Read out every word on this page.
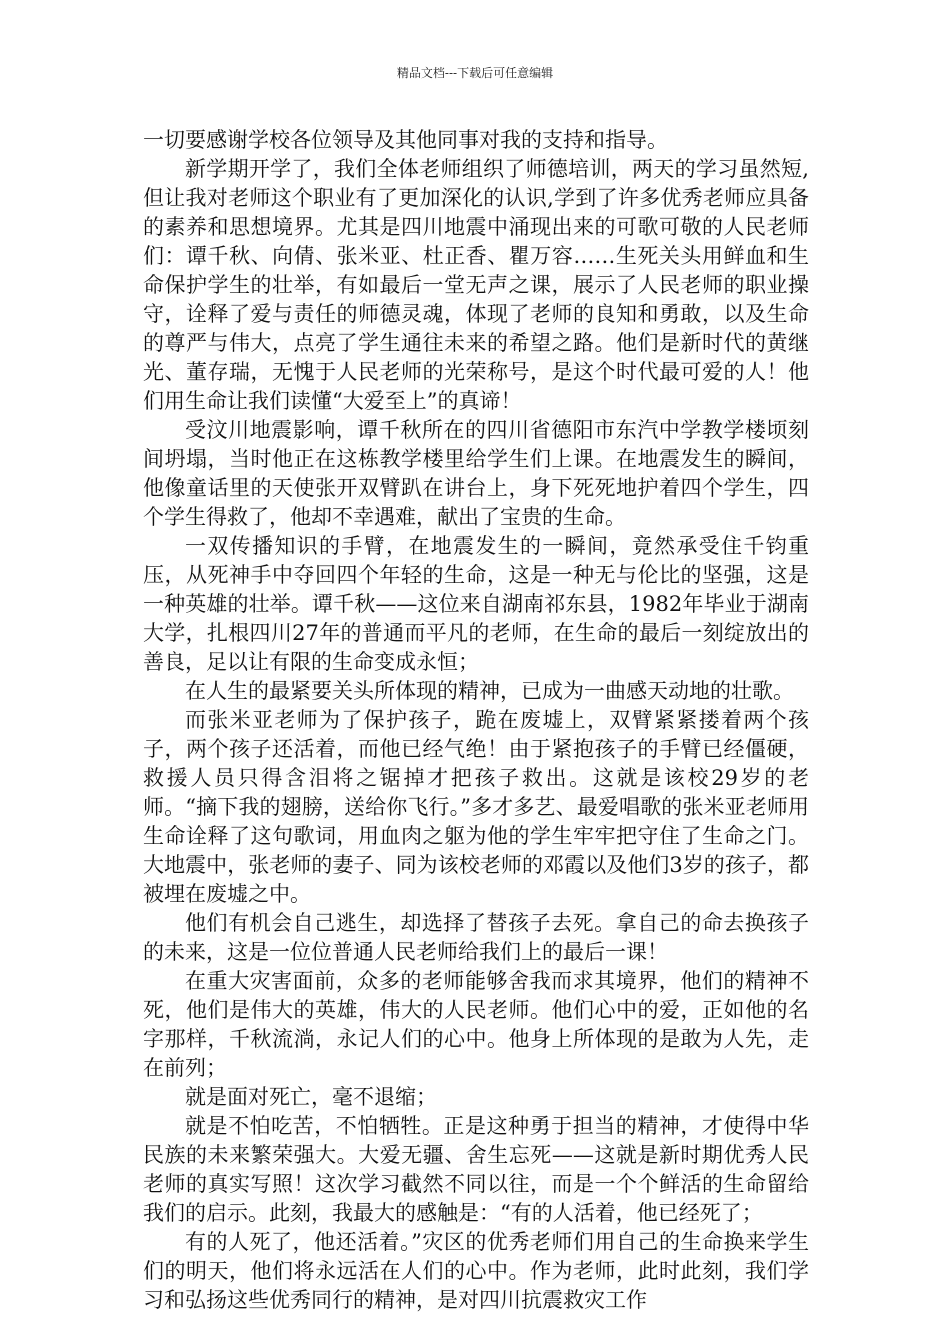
精品文档---下载后可任意编辑

一切要感谢学校各位领导及其他同事对我的支持和指导。

新学期开学了，我们全体老师组织了师德培训，两天的学习虽然短,但让我对老师这个职业有了更加深化的认识,学到了许多优秀老师应具备的素养和思想境界。尤其是四川地震中涌现出来的可歌可敬的人民老师们：谭千秋、向倩、张米亚、杜正香、瞿万容……生死关头用鲜血和生命保护学生的壮举，有如最后一堂无声之课，展示了人民老师的职业操守，诠释了爱与责任的师德灵魂，体现了老师的良知和勇敢，以及生命的尊严与伟大，点亮了学生通往未来的希望之路。他们是新时代的黄继光、董存瑞，无愧于人民老师的光荣称号，是这个时代最可爱的人！他们用生命让我们读懂“大爱至上”的真谛！

受汶川地震影响，谭千秋所在的四川省德阳市东汽中学教学楼顷刻间坍塌，当时他正在这栋教学楼里给学生们上课。在地震发生的瞬间，他像童话里的天使张开双臂趴在讲台上，身下死死地护着四个学生，四个学生得救了，他却不幸遇难，献出了宝贵的生命。

一双传播知识的手臂，在地震发生的一瞬间，竟然承受住千钧重压，从死神手中夺回四个年轻的生命，这是一种无与伦比的坚强，这是一种英雄的壮举。谭千秋——这位来自湖南祁东县，1982年毕业于湖南大学，扎根四川27年的普通而平凡的老师，在生命的最后一刻绽放出的善良，足以让有限的生命变成永恒；

在人生的最紧要关头所体现的精神，已成为一曲感天动地的壮歌。

而张米亚老师为了保护孩子，跪在废墟上，双臂紧紧搂着两个孩子，两个孩子还活着，而他已经气绝！由于紧抱孩子的手臂已经僵硬，救援人员只得含泪将之锯掉才把孩子救出。这就是该校29岁的老师。“摘下我的翅膀，送给你飞行。”多才多艺、最爱唱歌的张米亚老师用生命诠释了这句歌词，用血肉之躯为他的学生牢牢把守住了生命之门。大地震中，张老师的妻子、同为该校老师的邓霞以及他们3岁的孩子，都被埋在废墟之中。

他们有机会自己逃生，却选择了替孩子去死。拿自己的命去换孩子的未来，这是一位位普通人民老师给我们上的最后一课！

在重大灾害面前，众多的老师能够舍我而求其境界，他们的精神不死，他们是伟大的英雄，伟大的人民老师。他们心中的爱，正如他的名字那样，千秋流淌，永记人们的心中。他身上所体现的是敢为人先，走在前列；

就是面对死亡，毫不退缩；

就是不怕吃苦，不怕牺牲。正是这种勇于担当的精神，才使得中华民族的未来繁荣强大。大爱无疆、舍生忘死——这就是新时期优秀人民老师的真实写照！这次学习截然不同以往，而是一个个鲜活的生命留给我们的启示。此刻，我最大的感触是：“有的人活着，他已经死了；

有的人死了，他还活着。”灾区的优秀老师们用自己的生命换来学生们的明天，他们将永远活在人们的心中。作为老师，此时此刻，我们学习和弘扬这些优秀同行的精神，是对四川抗震救灾工作
